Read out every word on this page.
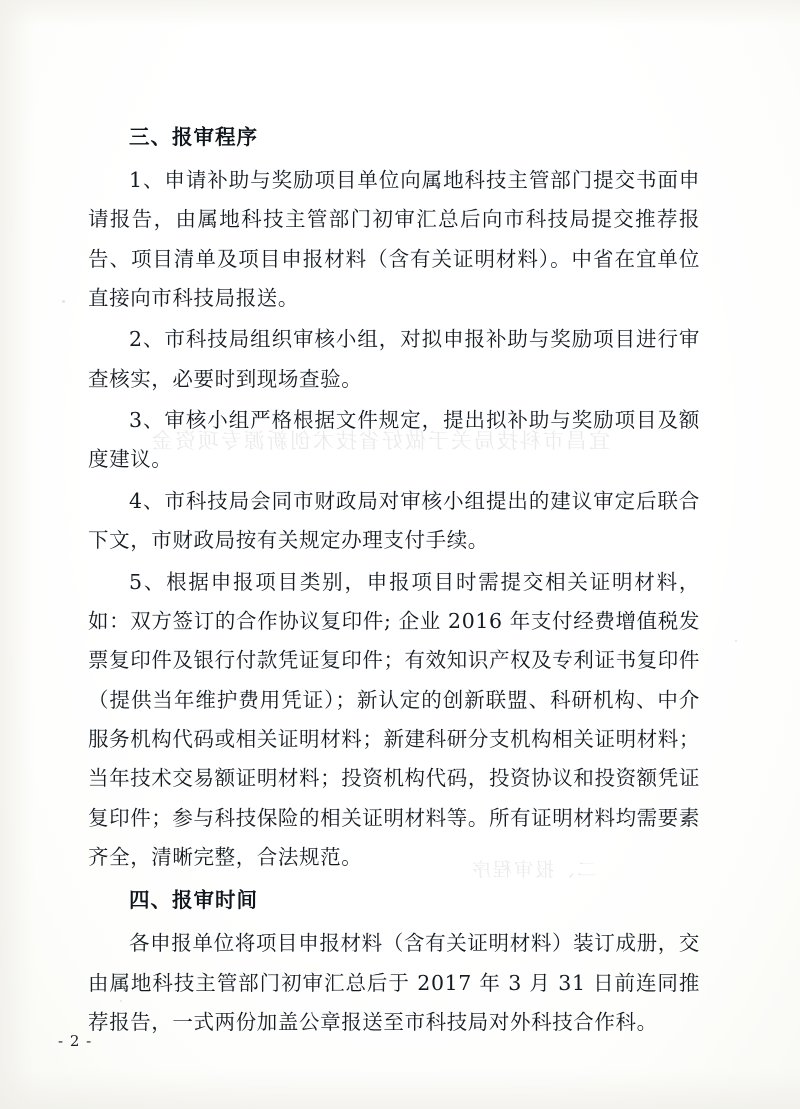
宜昌市科技局关于做好省技术创新源专项资金
二、报审程序
三、报审程序

1、申请补助与奖励项目单位向属地科技主管部门提交书面申请报告，由属地科技主管部门初审汇总后向市科技局提交推荐报告、项目清单及项目申报材料（含有关证明材料）。中省在宜单位直接向市科技局报送。

2、市科技局组织审核小组，对拟申报补助与奖励项目进行审查核实，必要时到现场查验。

3、审核小组严格根据文件规定，提出拟补助与奖励项目及额度建议。

4、市科技局会同市财政局对审核小组提出的建议审定后联合下文，市财政局按有关规定办理支付手续。

5、根据申报项目类别，申报项目时需提交相关证明材料，如：双方签订的合作协议复印件; 企业 2016 年支付经费增值税发票复印件及银行付款凭证复印件；有效知识产权及专利证书复印件（提供当年维护费用凭证）；新认定的创新联盟、科研机构、中介服务机构代码或相关证明材料；新建科研分支机构相关证明材料；当年技术交易额证明材料；投资机构代码，投资协议和投资额凭证复印件；参与科技保险的相关证明材料等。所有证明材料均需要素齐全，清晰完整，合法规范。

四、报审时间

各申报单位将项目申报材料（含有关证明材料）装订成册，交由属地科技主管部门初审汇总后于 2017 年 3 月 31 日前连同推荐报告，一式两份加盖公章报送至市科技局对外科技合作科。

- 2 -
